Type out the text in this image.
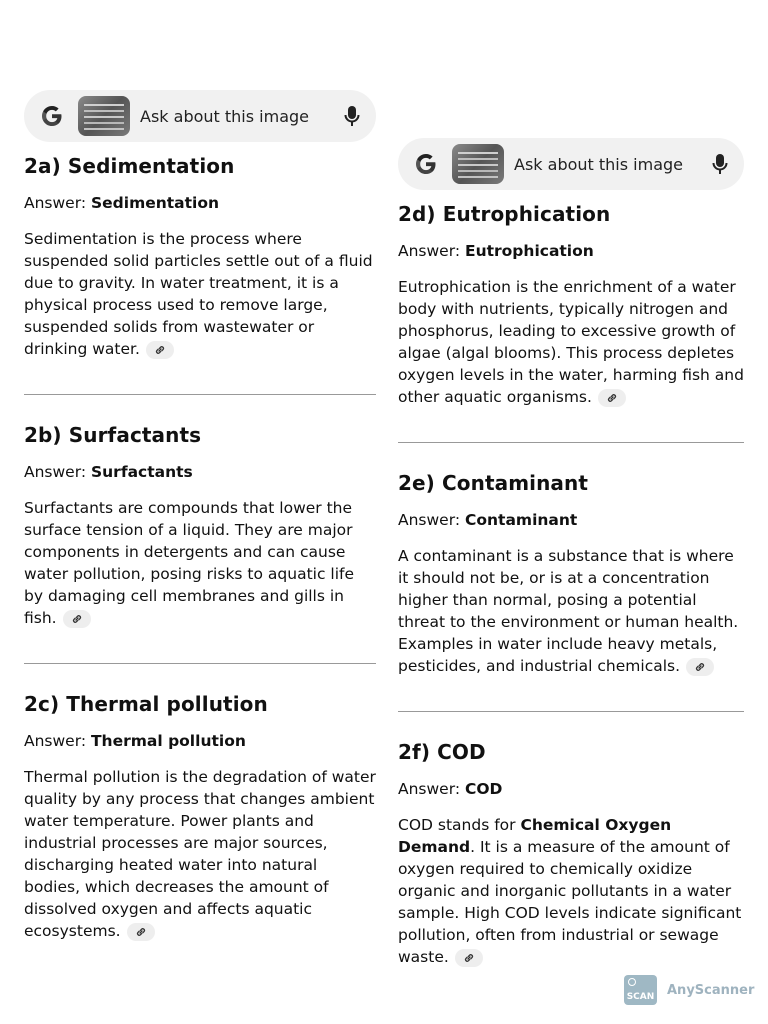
Ask about this image
2a) Sedimentation
Answer: Sedimentation
Sedimentation is the process where suspended solid particles settle out of a fluid due to gravity. In water treatment, it is a physical process used to remove large, suspended solids from wastewater or drinking water.
2b) Surfactants
Answer: Surfactants
Surfactants are compounds that lower the surface tension of a liquid. They are major components in detergents and can cause water pollution, posing risks to aquatic life by damaging cell membranes and gills in fish.
2c) Thermal pollution
Answer: Thermal pollution
Thermal pollution is the degradation of water quality by any process that changes ambient water temperature. Power plants and industrial processes are major sources, discharging heated water into natural bodies, which decreases the amount of dissolved oxygen and affects aquatic ecosystems.
Ask about this image
2d) Eutrophication
Answer: Eutrophication
Eutrophication is the enrichment of a water body with nutrients, typically nitrogen and phosphorus, leading to excessive growth of algae (algal blooms). This process depletes oxygen levels in the water, harming fish and other aquatic organisms.
2e) Contaminant
Answer: Contaminant
A contaminant is a substance that is where it should not be, or is at a concentration higher than normal, posing a potential threat to the environment or human health. Examples in water include heavy metals, pesticides, and industrial chemicals.
2f) COD
Answer: COD
COD stands for Chemical Oxygen Demand. It is a measure of the amount of oxygen required to chemically oxidize organic and inorganic pollutants in a water sample. High COD levels indicate significant pollution, often from industrial or sewage waste.
SCAN AnyScanner
